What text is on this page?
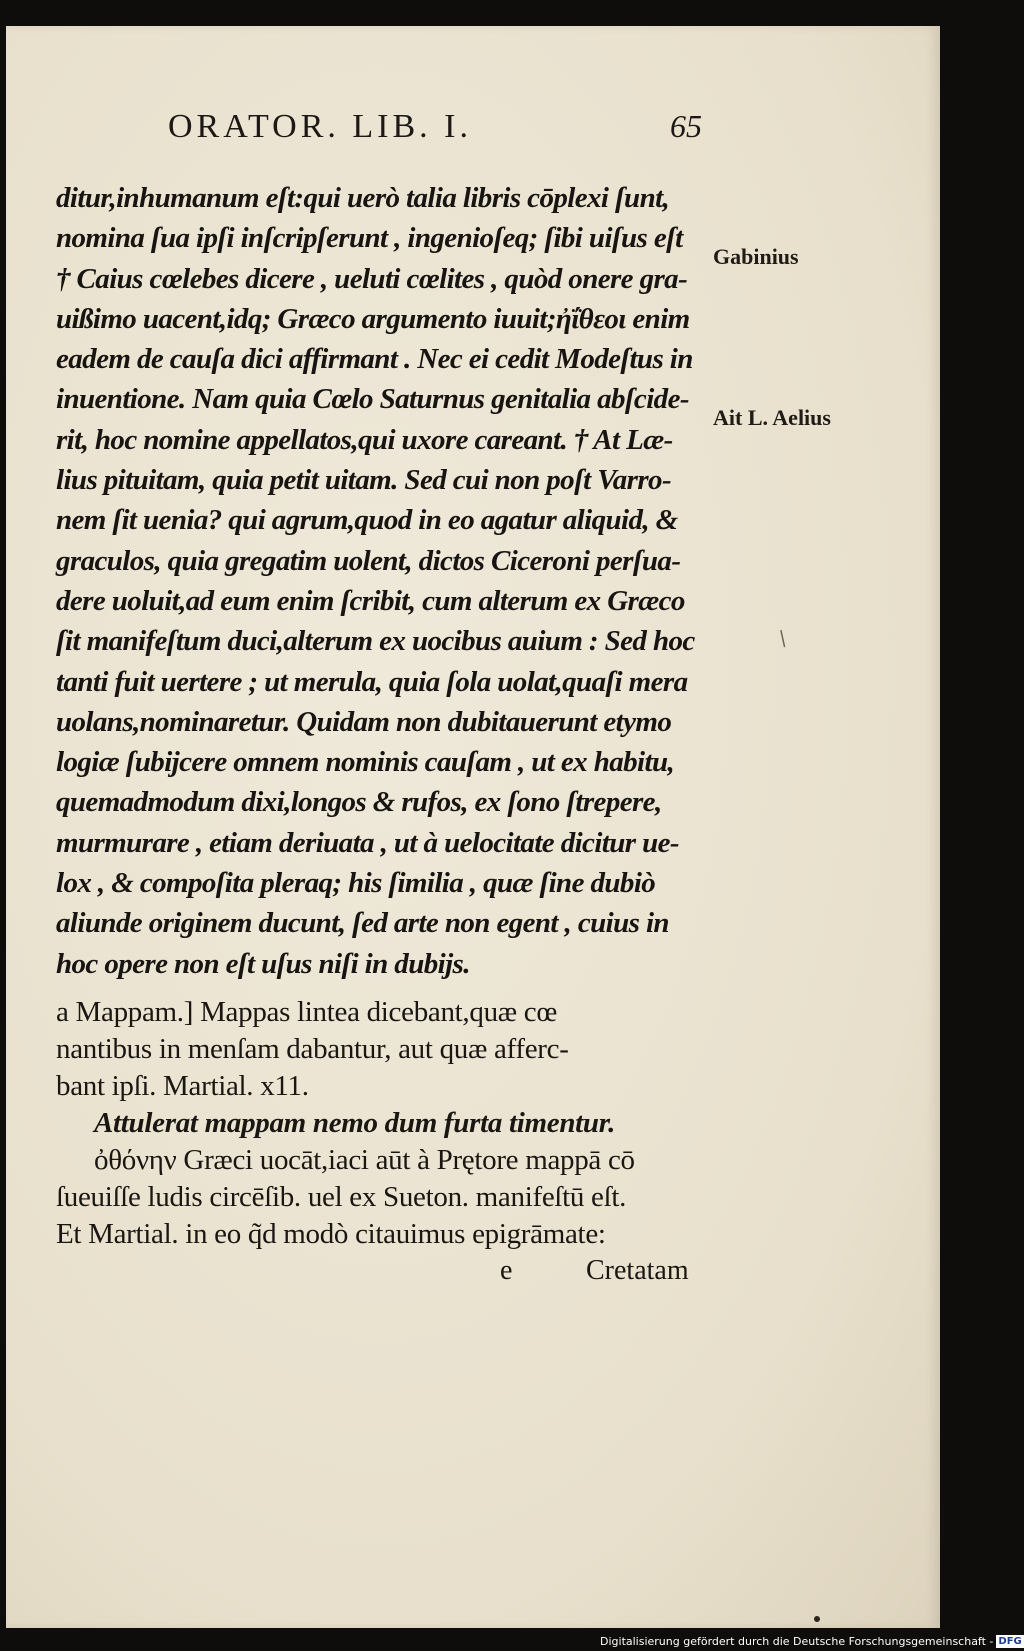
ORATOR. LIB. I.	65
ditur,inhumanum eſt:qui uerò talia libris cōplexi ſunt,
nomina ſua ipſi inſcripſerunt , ingenioſeq; ſibi uiſus eſt
† Caius cœlebes dicere , ueluti cœlites , quòd onere gra-
uißimo uacent,idq; Græco argumento iuuit;ἠΐθεοι enim
eadem de cauſa dici affirmant . Nec ei cedit Modeſtus in
inuentione. Nam quia Cœlo Saturnus genitalia abſcide-
rit, hoc nomine appellatos,qui uxore careant. † At Læ-
lius pituitam, quia petit uitam. Sed cui non poſt Varro-
nem ſit uenia? qui agrum,quod in eo agatur aliquid, &
graculos, quia gregatim uolent, dictos Ciceroni perſua-
dere uoluit,ad eum enim ſcribit, cum alterum ex Græco
ſit manifeſtum duci,alterum ex uocibus auium : Sed hoc
tanti fuit uertere ; ut merula, quia ſola uolat,quaſi mera
uolans,nominaretur. Quidam non dubitauerunt etymo
logiæ ſubijcere omnem nominis cauſam , ut ex habitu,
quemadmodum dixi,longos & rufos, ex ſono ſtrepere,
murmurare , etiam deriuata , ut à uelocitate dicitur ue-
lox , & compoſita pleraq; his ſimilia , quæ ſine dubiò
aliunde originem ducunt, ſed arte non egent , cuius in
hoc opere non eſt uſus niſi in dubijs.
Gabinius
Ait L. Aelius
/
a Mappam.] Mappas lintea dicebant,quæ cœ
nantibus in menſam dabantur, aut quæ afferc-
bant ipſi. Martial. x11.
Attulerat mappam nemo dum furta timentur.
ὀθόνην Græci uocāt,iaci aūt à Prętore mappā cō
ſueuiſſe ludis circēſib. uel ex Sueton. manifeſtū eſt.
Et Martial. in eo q̃d modò citauimus epigrāmate:
e	Cretatam
Digitalisierung gefördert durch die Deutsche Forschungsgemeinschaft - DFG
